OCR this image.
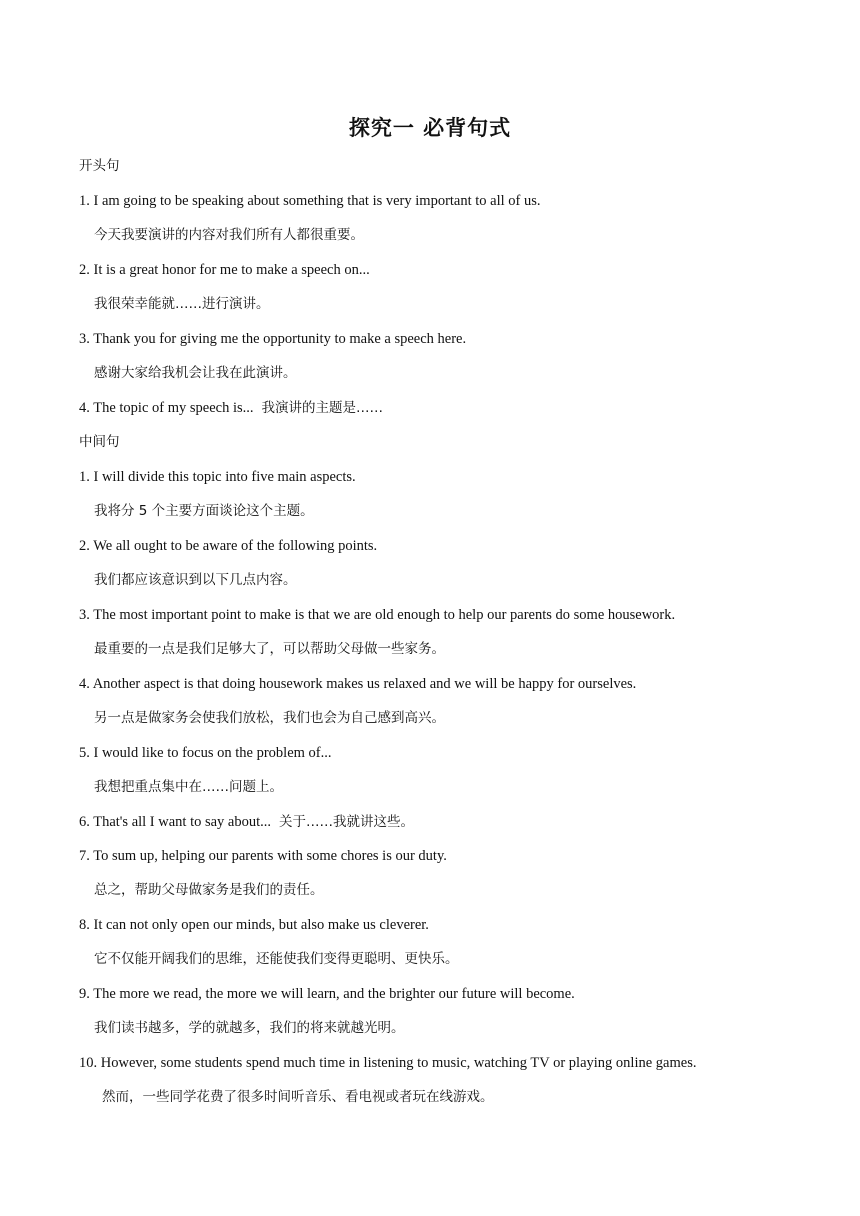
探究一 必背句式
开头句
1. I am going to be speaking about something that is very important to all of us.
今天我要演讲的内容对我们所有人都很重要。
2. It is a great honor for me to make a speech on...
我很荣幸能就……进行演讲。
3. Thank you for giving me the opportunity to make a speech here.
感谢大家给我机会让我在此演讲。
4. The topic of my speech is... 我演讲的主题是……
中间句
1. I will divide this topic into five main aspects.
我将分 5 个主要方面谈论这个主题。
2. We all ought to be aware of the following points.
我们都应该意识到以下几点内容。
3. The most important point to make is that we are old enough to help our parents do some housework.
最重要的一点是我们足够大了，可以帮助父母做一些家务。
4. Another aspect is that doing housework makes us relaxed and we will be happy for ourselves.
另一点是做家务会使我们放松，我们也会为自己感到高兴。
5. I would like to focus on the problem of...
我想把重点集中在……问题上。
6. That's all I want to say about... 关于……我就讲这些。
7. To sum up, helping our parents with some chores is our duty.
总之，帮助父母做家务是我们的责任。
8. It can not only open our minds, but also make us cleverer.
它不仅能开阔我们的思维，还能使我们变得更聪明、更快乐。
9. The more we read, the more we will learn, and the brighter our future will become.
我们读书越多，学的就越多，我们的将来就越光明。
10. However, some students spend much time in listening to music, watching TV or playing online games.
然而，一些同学花费了很多时间听音乐、看电视或者玩在线游戏。
